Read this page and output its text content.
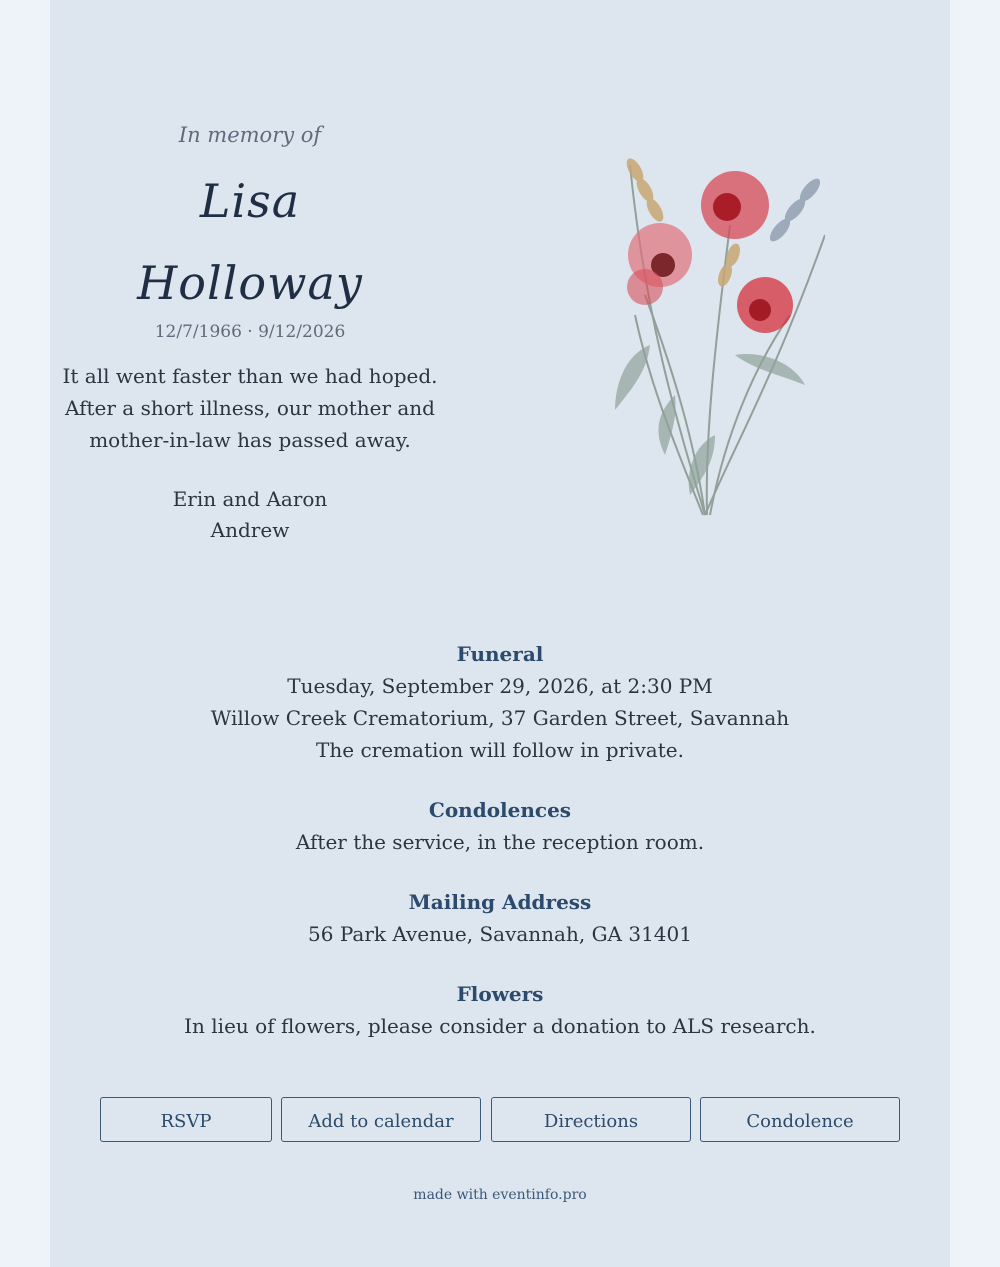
In memory of
Lisa
Holloway
12/7/1966 · 9/12/2026
It all went faster than we had hoped.
After a short illness, our mother and
mother-in-law has passed away.
Erin and Aaron
Andrew
Funeral
Tuesday, September 29, 2026, at 2:30 PM
Willow Creek Crematorium, 37 Garden Street, Savannah
The cremation will follow in private.
Condolences
After the service, in the reception room.
Mailing Address
56 Park Avenue, Savannah, GA 31401
Flowers
In lieu of flowers, please consider a donation to ALS research.
RSVP	Add to calendar	Directions	Condolence
made with eventinfo.pro
